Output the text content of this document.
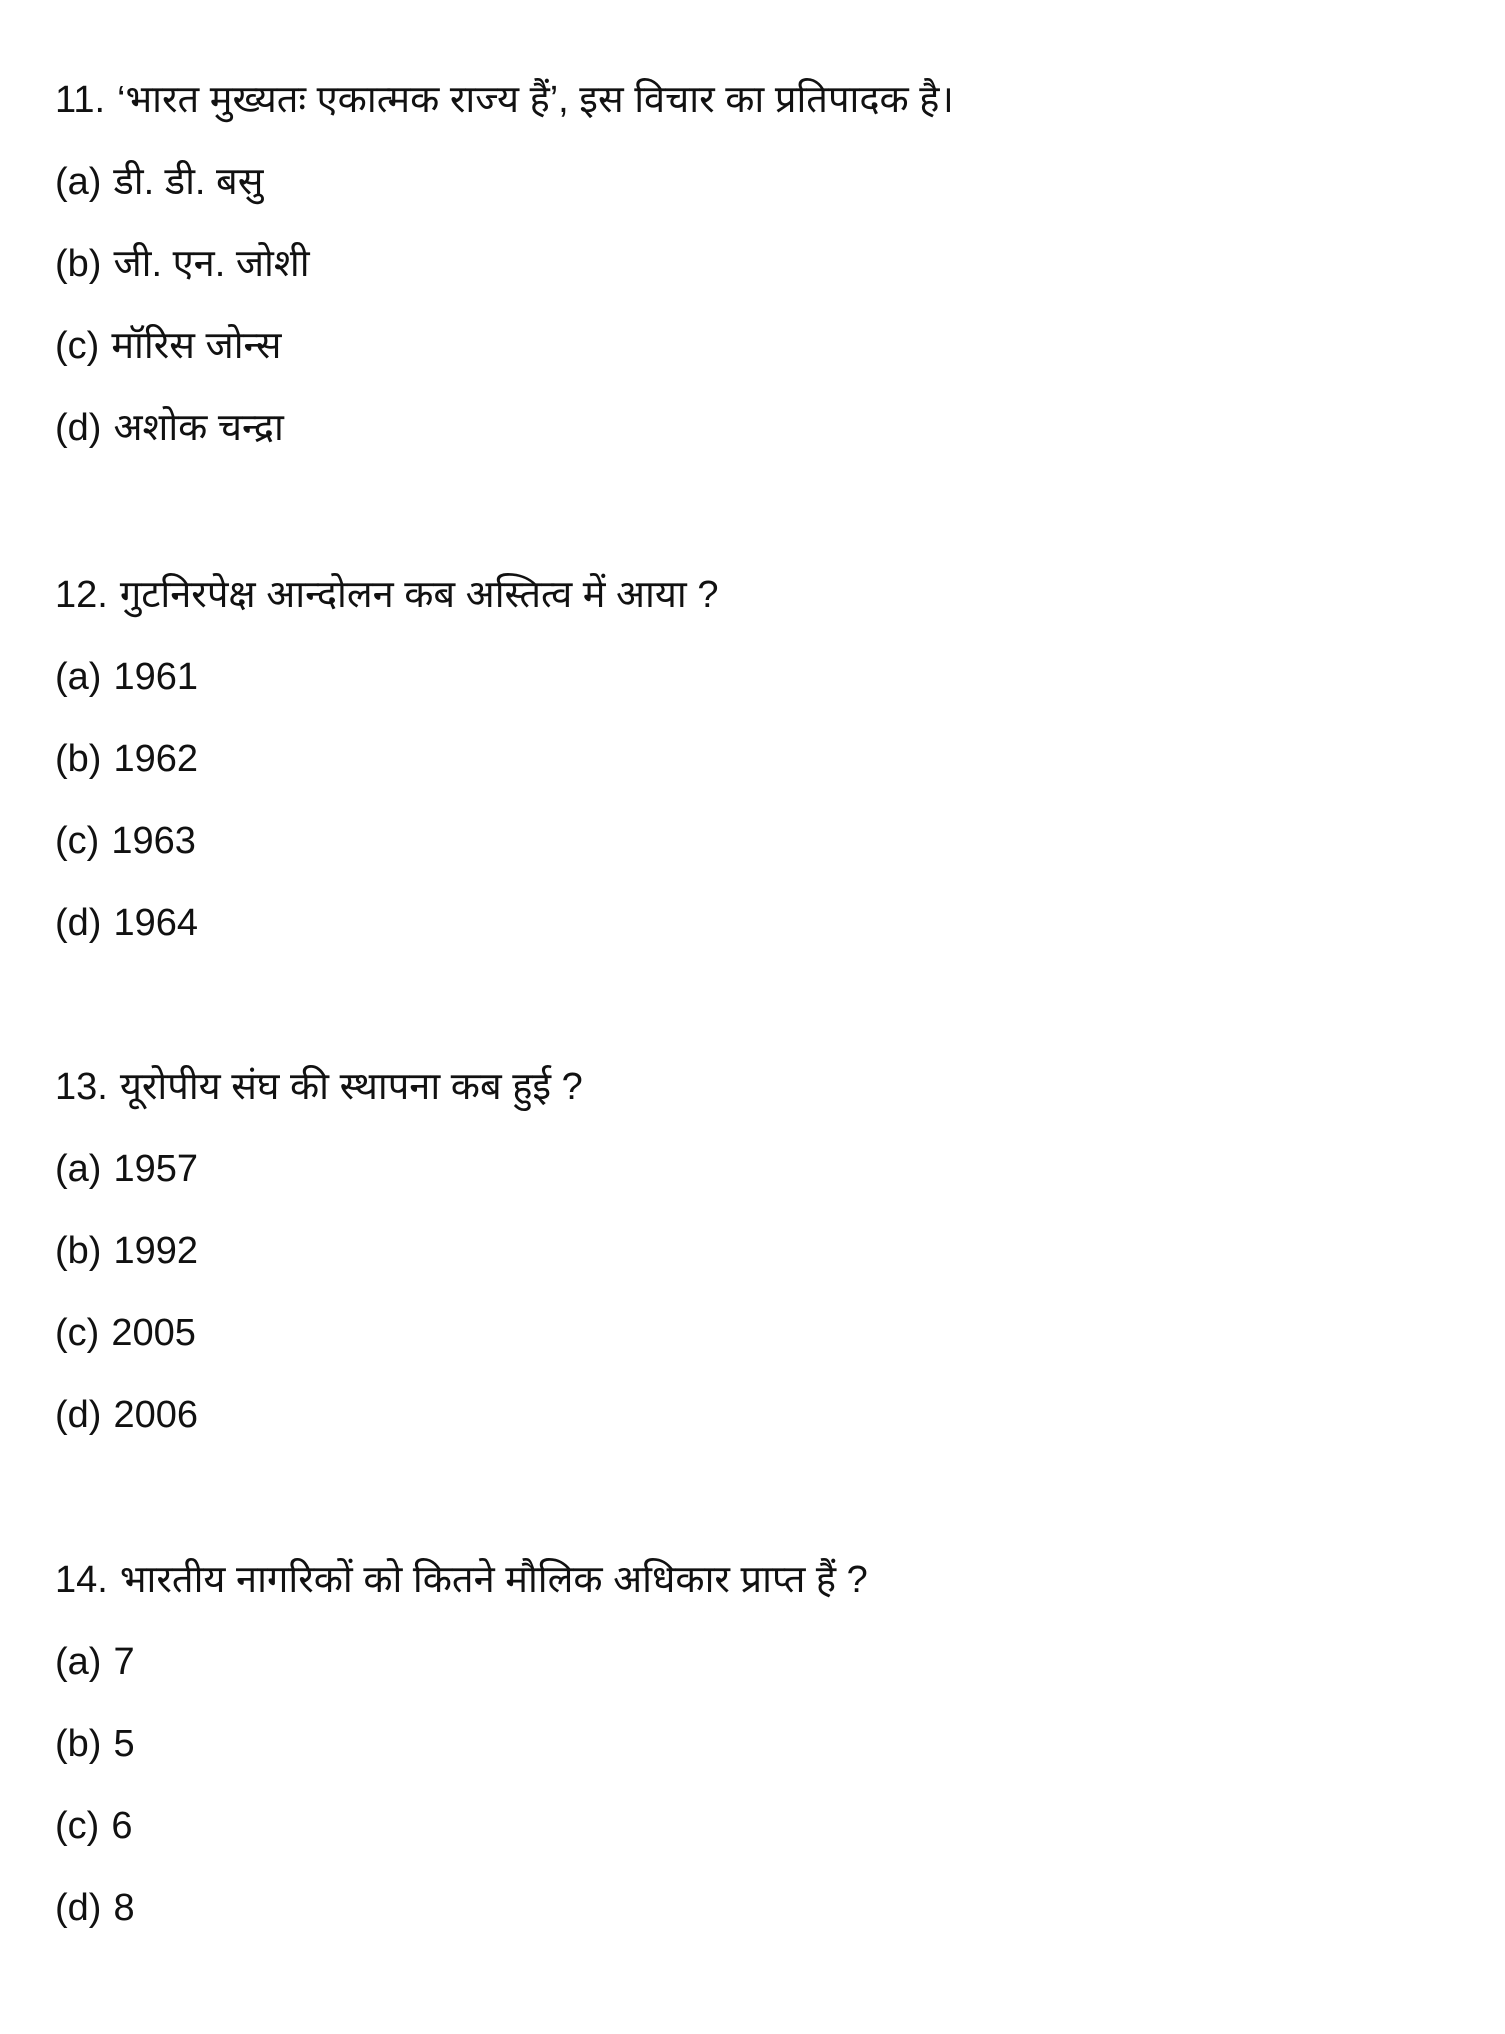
11. ‘भारत मुख्यतः एकात्मक राज्य हैं’, इस विचार का प्रतिपादक है।
(a) डी. डी. बसु
(b) जी. एन. जोशी
(c) मॉरिस जोन्स
(d) अशोक चन्द्रा
12. गुटनिरपेक्ष आन्दोलन कब अस्तित्व में आया ?
(a) 1961
(b) 1962
(c) 1963
(d) 1964
13. यूरोपीय संघ की स्थापना कब हुई ?
(a) 1957
(b) 1992
(c) 2005
(d) 2006
14. भारतीय नागरिकों को कितने मौलिक अधिकार प्राप्त हैं ?
(a) 7
(b) 5
(c) 6
(d) 8
